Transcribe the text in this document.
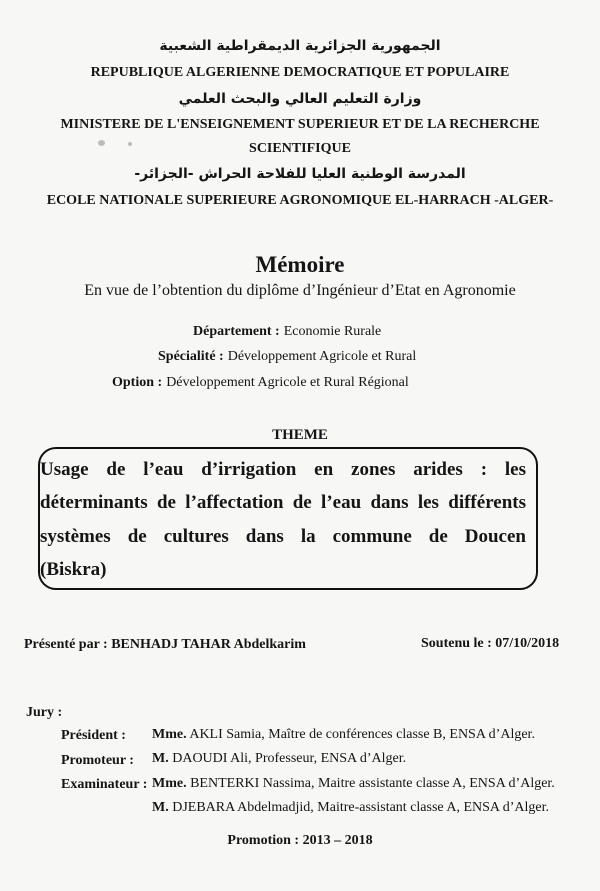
الجمهورية الجزائرية الديمقراطية الشعبية
REPUBLIQUE ALGERIENNE DEMOCRATIQUE ET POPULAIRE
وزارة التعليم العالي والبحث العلمي
MINISTERE DE L'ENSEIGNEMENT SUPERIEUR ET DE LA RECHERCHE
SCIENTIFIQUE
المدرسة الوطنية العليا للفلاحة الحراش -الجزائر-
ECOLE NATIONALE SUPERIEURE AGRONOMIQUE EL-HARRACH -ALGER-
Mémoire
En vue de l’obtention du diplôme d’Ingénieur d’Etat en Agronomie
Département : Economie Rurale
Spécialité : Développement Agricole et Rural
Option : Développement Agricole et Rural Régional
THEME
Usage de l’eau d’irrigation en zones arides : les
déterminants de l’affectation de l’eau dans les différents
systèmes de cultures dans la commune de Doucen
(Biskra)
Présenté par : BENHADJ TAHAR Abdelkarim	Soutenu le : 07/10/2018
Jury :
Président : Mme. AKLI Samia, Maître de conférences classe B, ENSA d’Alger.
Promoteur : M. DAOUDI Ali, Professeur, ENSA d’Alger.
Examinateur : Mme. BENTERKI Nassima, Maitre assistante classe A, ENSA d’Alger.
M. DJEBARA Abdelmadjid, Maitre-assistant classe A, ENSA d’Alger.
Promotion : 2013 – 2018
